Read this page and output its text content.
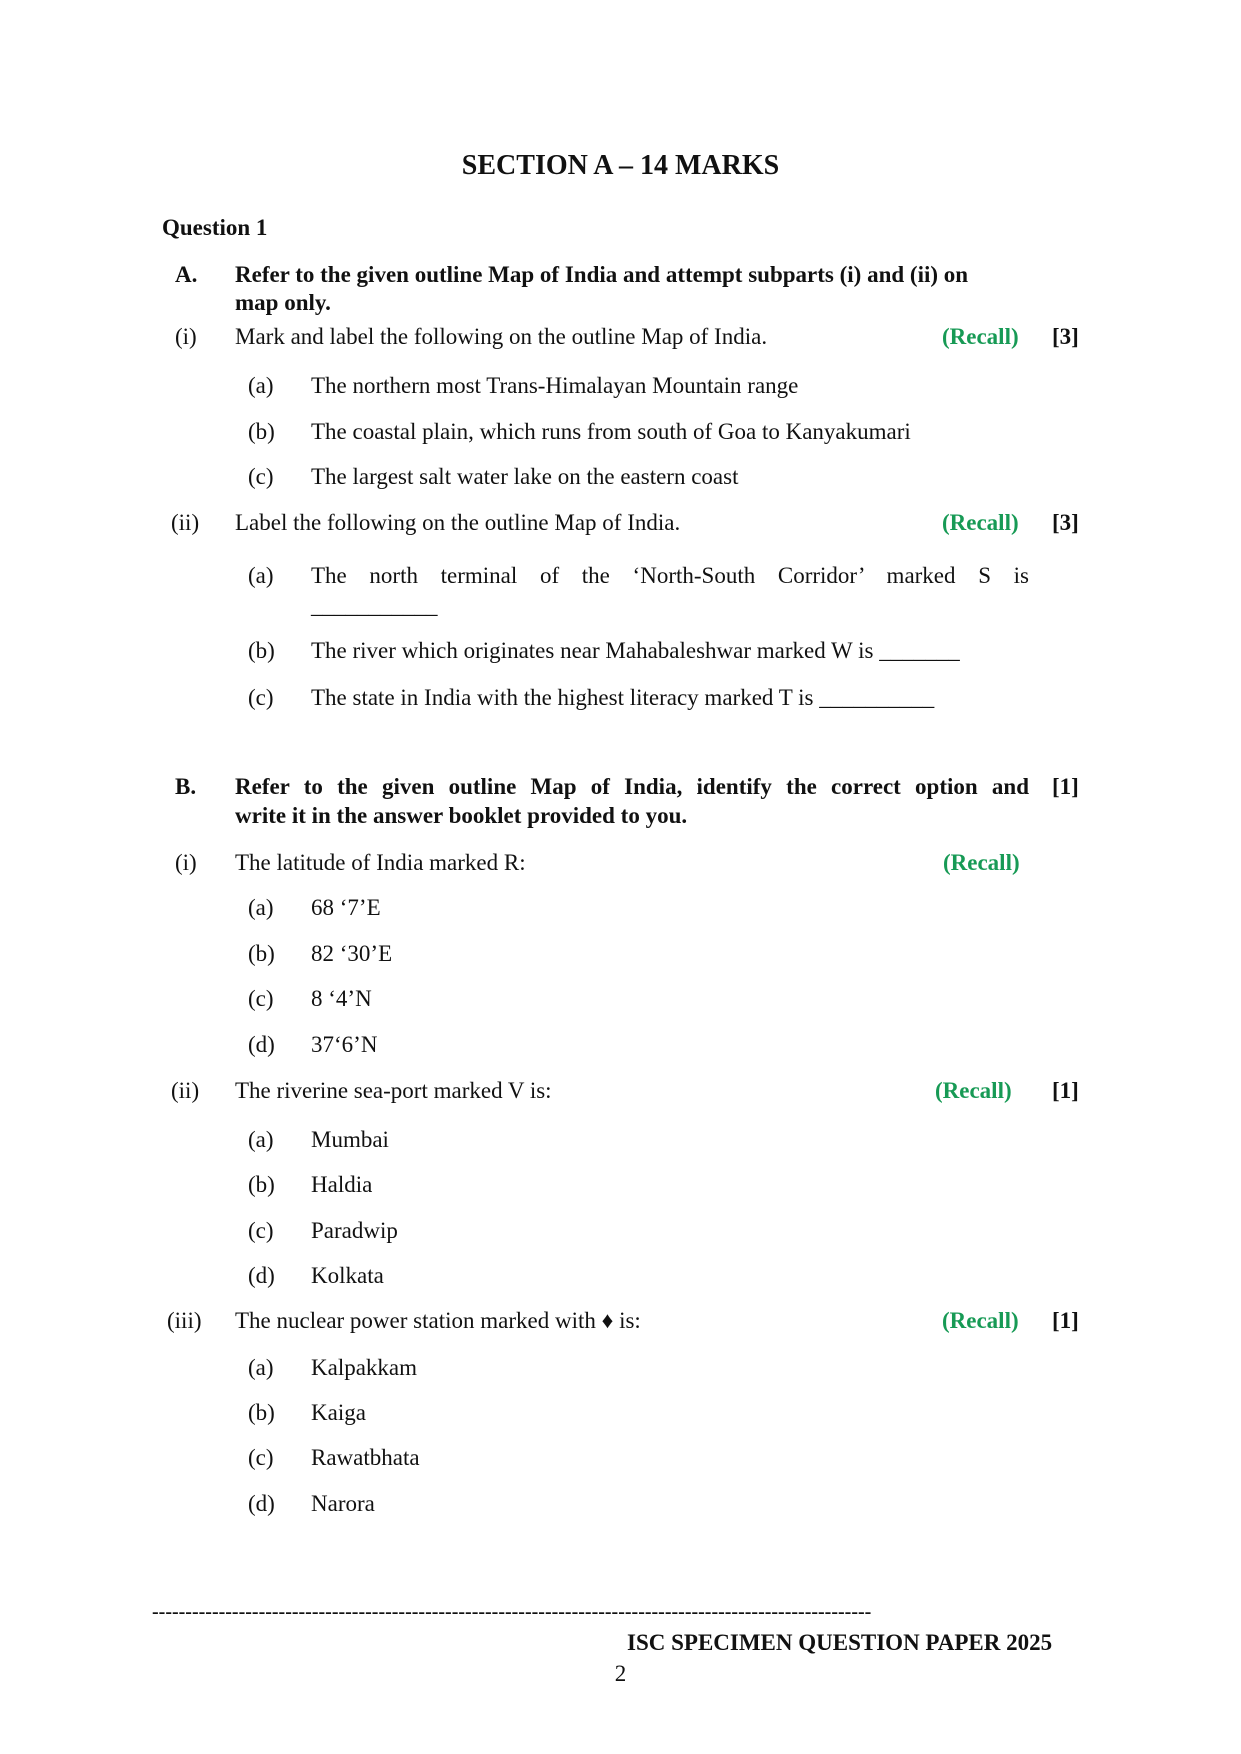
SECTION A – 14 MARKS
Question 1
A. Refer to the given outline Map of India and attempt subparts (i) and (ii) on
map only.
(i) Mark and label the following on the outline Map of India.	(Recall) [3]
(a) The northern most Trans-Himalayan Mountain range
(b) The coastal plain, which runs from south of Goa to Kanyakumari
(c) The largest salt water lake on the eastern coast
(ii) Label the following on the outline Map of India.	(Recall) [3]
(a) The north terminal of the ‘North-South Corridor’ marked S is
___________
(b) The river which originates near Mahabaleshwar marked W is _______
(c) The state in India with the highest literacy marked T is __________
B. Refer to the given outline Map of India, identify the correct option and
write it in the answer booklet provided to you.
[1]
(i) The latitude of India marked R:	(Recall)
(a) 68 ‘7’E
(b) 82 ‘30’E
(c) 8 ‘4’N
(d) 37‘6’N
(ii) The riverine sea-port marked V is:	(Recall) [1]
(a) Mumbai
(b) Haldia
(c) Paradwip
(d) Kolkata
(iii) The nuclear power station marked with ♦ is:	(Recall) [1]
(a) Kalpakkam
(b) Kaiga
(c) Rawatbhata
(d) Narora
------------------------------------------------------------------------------------------------------------
ISC SPECIMEN QUESTION PAPER 2025
2
